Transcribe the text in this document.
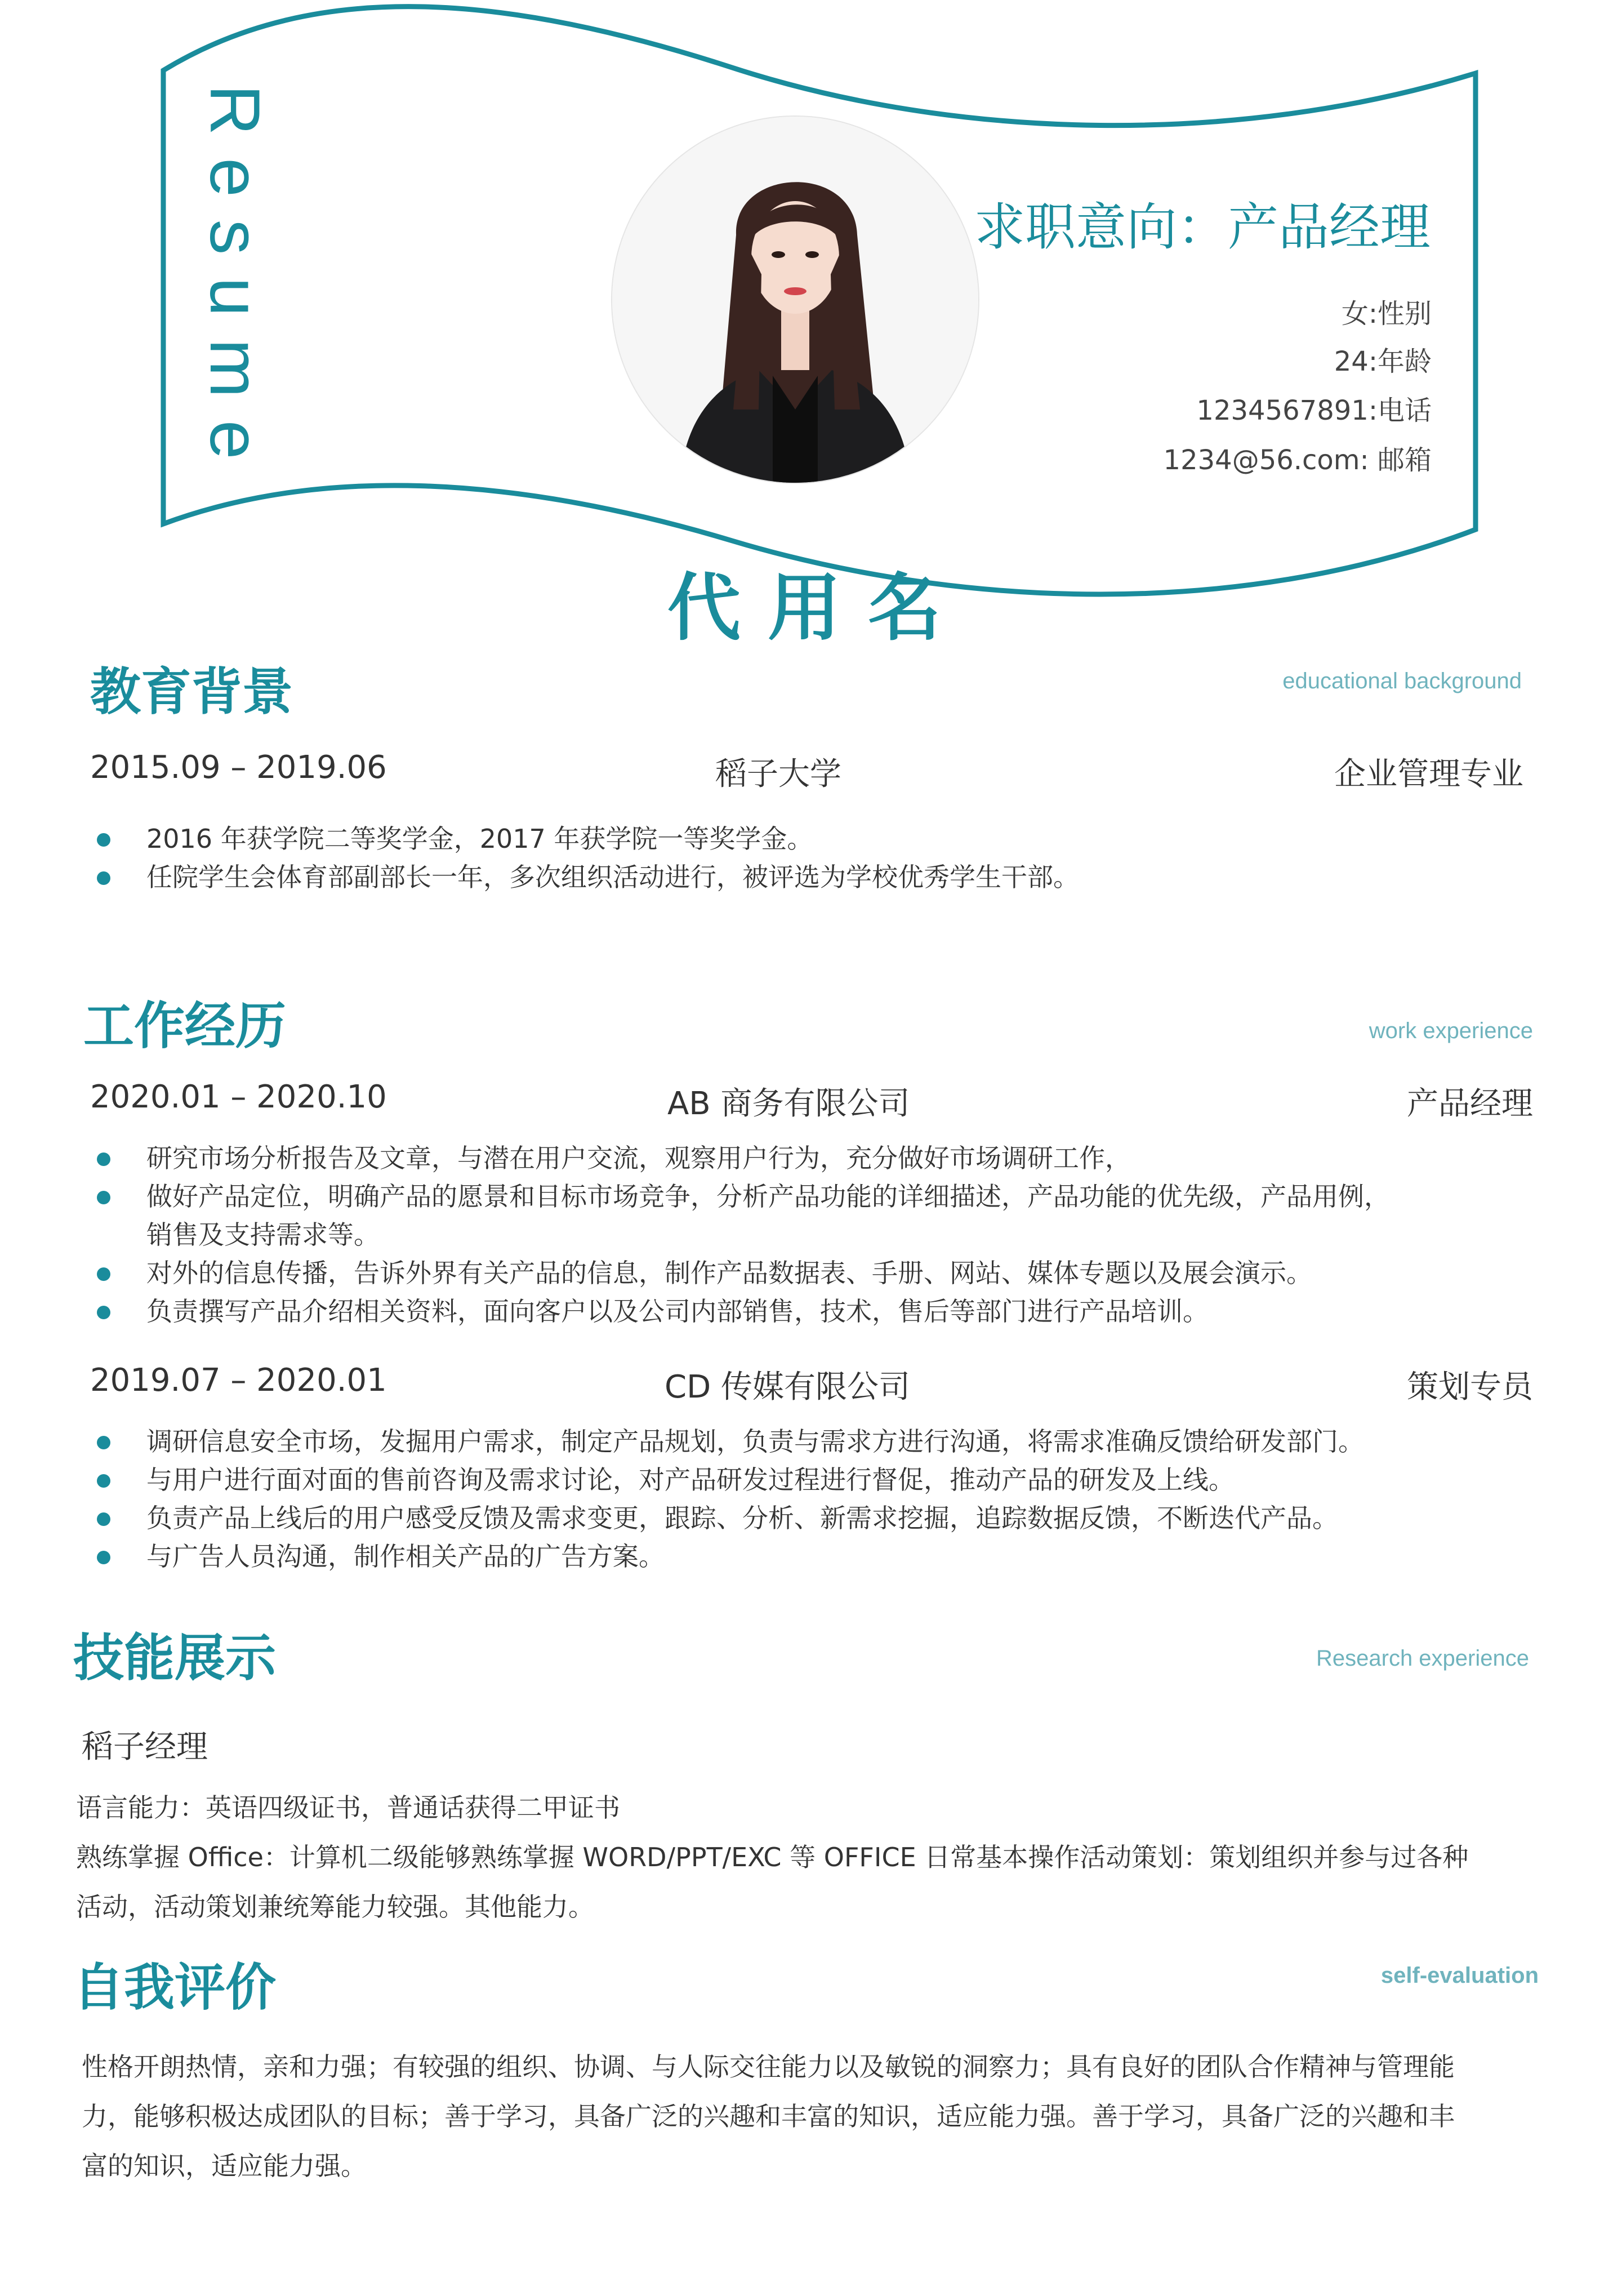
Resume	求职意向：产品经理
女:性别
24:年龄
1234567891:电话
1234@56.com: 邮箱
代用名
教育背景	educational background
2015.09 – 2019.06	稻子大学	企业管理专业
2016 年获学院二等奖学金，2017 年获学院一等奖学金。
任院学生会体育部副部长一年，多次组织活动进行，被评选为学校优秀学生干部。
工作经历	work experience
2020.01 – 2020.10	AB 商务有限公司	产品经理
研究市场分析报告及文章，与潜在用户交流，观察用户行为，充分做好市场调研工作，
做好产品定位，明确产品的愿景和目标市场竞争，分析产品功能的详细描述，产品功能的优先级，产品用例，
销售及支持需求等。
对外的信息传播，告诉外界有关产品的信息，制作产品数据表、手册、网站、媒体专题以及展会演示。
负责撰写产品介绍相关资料，面向客户以及公司内部销售，技术，售后等部门进行产品培训。
2019.07 – 2020.01	CD 传媒有限公司	策划专员
调研信息安全市场，发掘用户需求，制定产品规划，负责与需求方进行沟通，将需求准确反馈给研发部门。
与用户进行面对面的售前咨询及需求讨论，对产品研发过程进行督促，推动产品的研发及上线。
负责产品上线后的用户感受反馈及需求变更，跟踪、分析、新需求挖掘，追踪数据反馈，不断迭代产品。
与广告人员沟通，制作相关产品的广告方案。
技能展示	Research experience
稻子经理
语言能力：英语四级证书，普通话获得二甲证书
熟练掌握 Office：计算机二级能够熟练掌握 WORD/PPT/EXC 等 OFFICE 日常基本操作活动策划：策划组织并参与过各种
活动，活动策划兼统筹能力较强。其他能力。
自我评价	self-evaluation
性格开朗热情，亲和力强；有较强的组织、协调、与人际交往能力以及敏锐的洞察力；具有良好的团队合作精神与管理能
力，能够积极达成团队的目标；善于学习，具备广泛的兴趣和丰富的知识，适应能力强。善于学习，具备广泛的兴趣和丰
富的知识，适应能力强。
